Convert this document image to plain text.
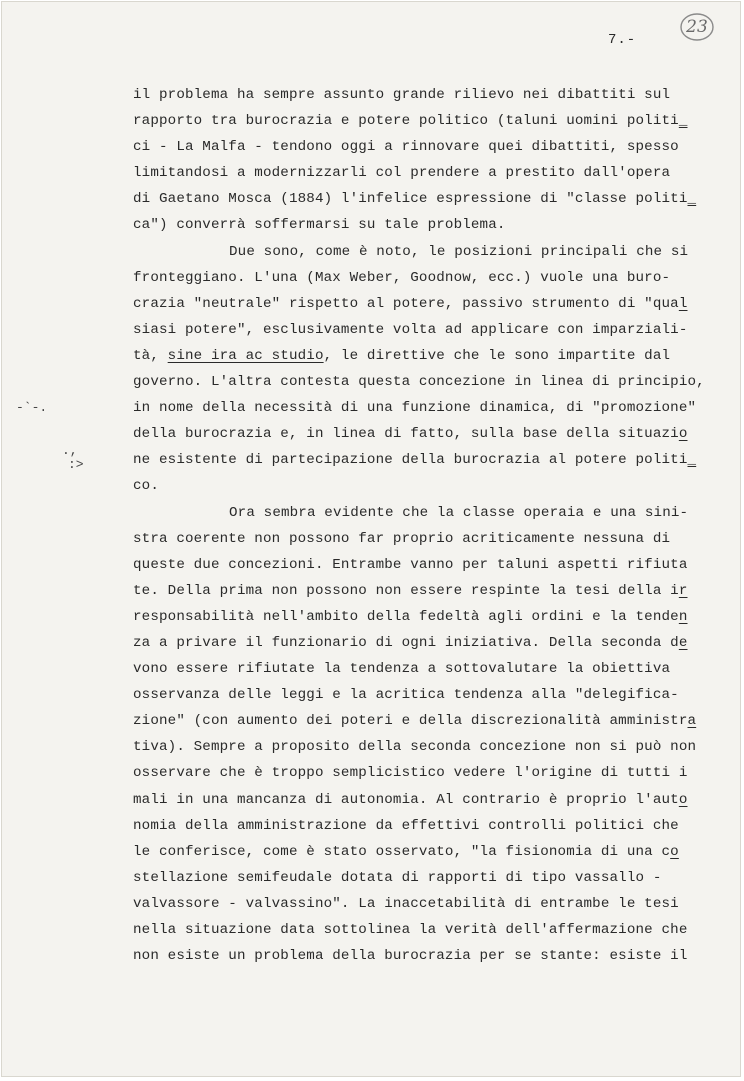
23
7.-
-`-.
.,
:>
il problema ha sempre assunto grande rilievo nei dibattiti sul
rapporto tra burocrazia e potere politico (taluni uomini politi_
ci - La Malfa - tendono oggi a rinnovare quei dibattiti, spesso
limitandosi a modernizzarli col prendere a prestito dall'opera
di Gaetano Mosca (1884) l'infelice espressione di "classe politi_
ca") converrà soffermarsi su tale problema.
Due sono, come è noto, le posizioni principali che si
fronteggiano. L'una (Max Weber, Goodnow, ecc.) vuole una buro-
crazia "neutrale" rispetto al potere, passivo strumento di "qual
siasi potere", esclusivamente volta ad applicare con imparziali-
tà, sine ira ac studio, le direttive che le sono impartite dal
governo. L'altra contesta questa concezione in linea di principio,
in nome della necessità di una funzione dinamica, di "promozione"
della burocrazia e, in linea di fatto, sulla base della situazio
ne esistente di partecipazione della burocrazia al potere politi_
co.
Ora sembra evidente che la classe operaia e una sini-
stra coerente non possono far proprio acriticamente nessuna di
queste due concezioni. Entrambe vanno per taluni aspetti rifiuta
te. Della prima non possono non essere respinte la tesi della ir
responsabilità nell'ambito della fedeltà agli ordini e la tenden
za a privare il funzionario di ogni iniziativa. Della seconda de
vono essere rifiutate la tendenza a sottovalutare la obiettiva
osservanza delle leggi e la acritica tendenza alla "delegifica-
zione" (con aumento dei poteri e della discrezionalità amministra
tiva). Sempre a proposito della seconda concezione non si può non
osservare che è troppo semplicistico vedere l'origine di tutti i
mali in una mancanza di autonomia. Al contrario è proprio l'auto
nomia della amministrazione da effettivi controlli politici che
le conferisce, come è stato osservato, "la fisionomia di una co
stellazione semifeudale dotata di rapporti di tipo vassallo -
valvassore - valvassino". La inaccetabilità di entrambe le tesi
nella situazione data sottolinea la verità dell'affermazione che
non esiste un problema della burocrazia per se stante: esiste il
